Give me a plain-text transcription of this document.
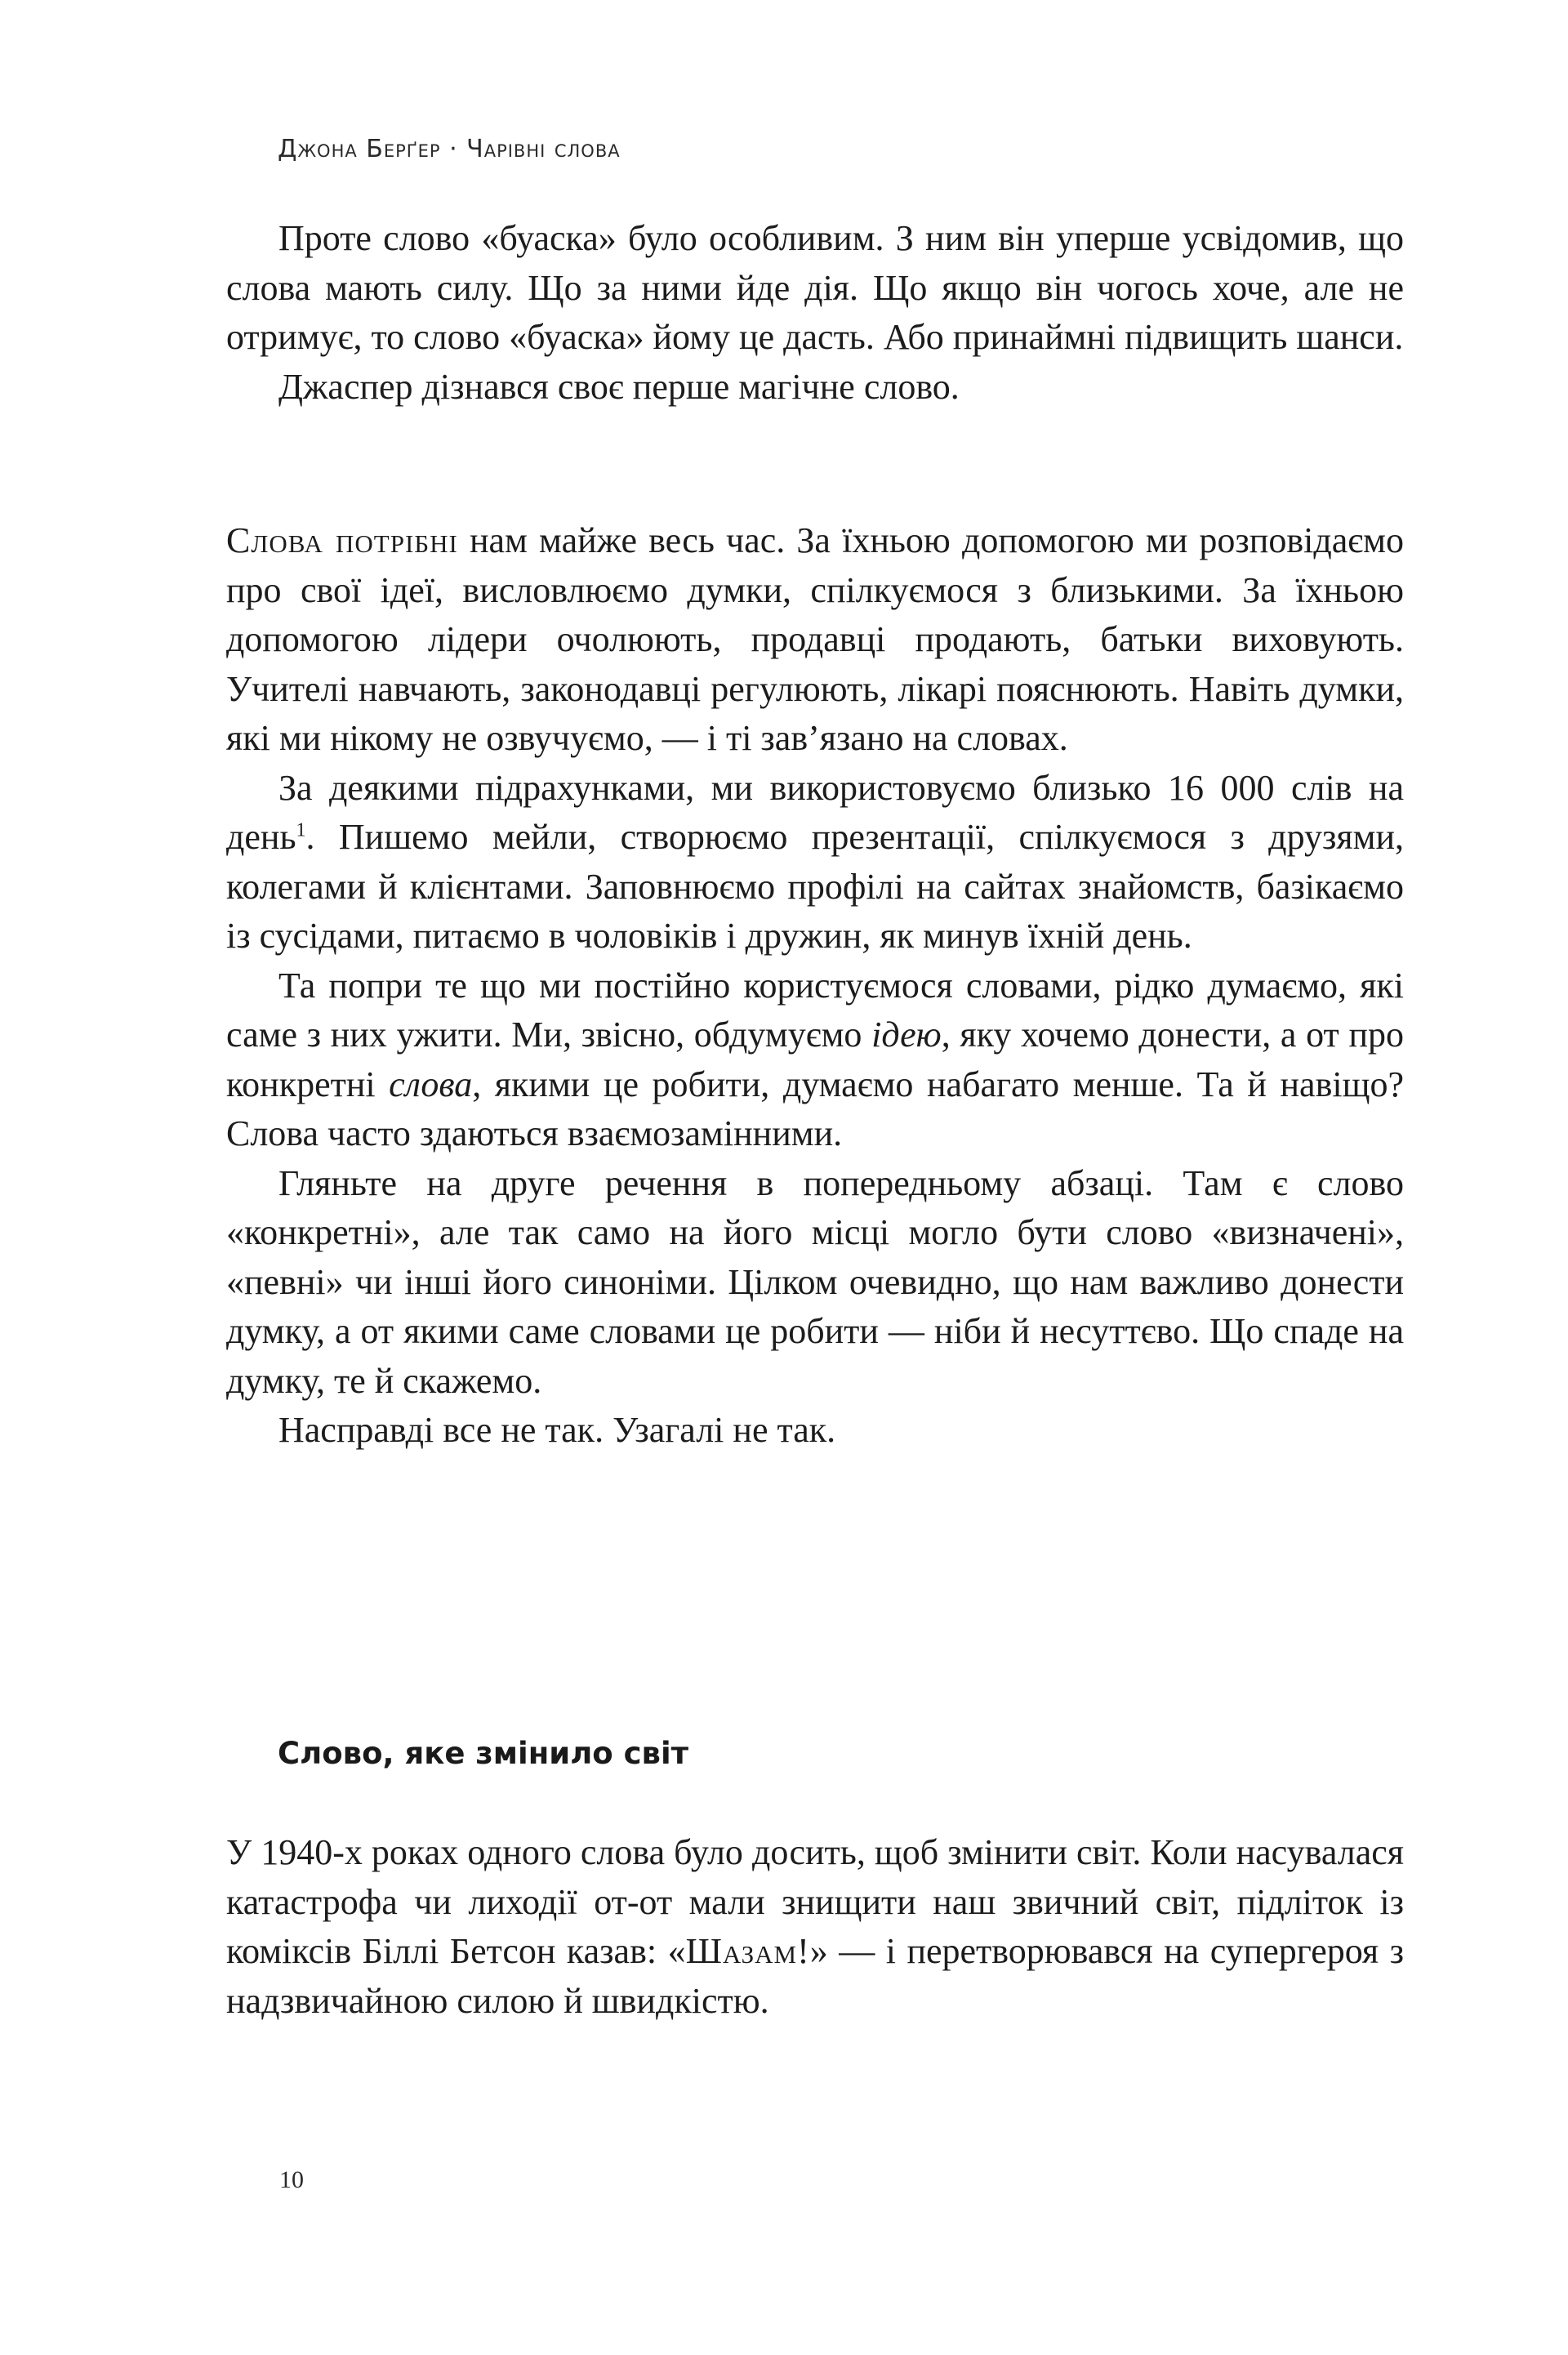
Джона Берґер · Чарівні слова

Проте слово «буаска» було особливим. З ним він уперше усвідомив, що слова мають силу. Що за ними йде дія. Що якщо він чогось хоче, але не отримує, то слово «буаска» йому це дасть. Або принаймні підвищить шанси.

Джаспер дізнався своє перше магічне слово.

Слова потрібні нам майже весь час. За їхньою допомогою ми розповідаємо про свої ідеї, висловлюємо думки, спілкуємося з близькими. За їхньою допомогою лідери очолюють, продавці продають, батьки виховують. Учителі навчають, законодавці регулюють, лікарі пояснюють. Навіть думки, які ми нікому не озвучуємо, — і ті зав’язано на словах.

За деякими підрахунками, ми використовуємо близько 16 000 слів на день$^1$. Пишемо мейли, створюємо презентації, спілкуємося з друзями, колегами й клієнтами. Заповнюємо профілі на сайтах знайомств, базікаємо із сусідами, питаємо в чоловіків і дружин, як минув їхній день.

Та попри те що ми постійно користуємося словами, рідко думаємо, які саме з них ужити. Ми, звісно, обдумуємо ідею, яку хочемо донести, а от про конкретні слова, якими це робити, думаємо набагато менше. Та й навіщо? Слова часто здаються взаємозамінними.

Гляньте на друге речення в попередньому абзаці. Там є слово «конкретні», але так само на його місці могло бути слово «визначені», «певні» чи інші його синоніми. Цілком очевидно, що нам важливо донести думку, а от якими саме словами це робити — ніби й несуттєво. Що спаде на думку, те й скажемо.

Насправді все не так. Узагалі не так.

Слово, яке змінило світ

У 1940-х роках одного слова було досить, щоб змінити світ. Коли насувалася катастрофа чи лиходії от-от мали знищити наш звичний світ, підліток із коміксів Біллі Бетсон казав: «Шазам!» — і перетворювався на супергероя з надзвичайною силою й швидкістю.

10
